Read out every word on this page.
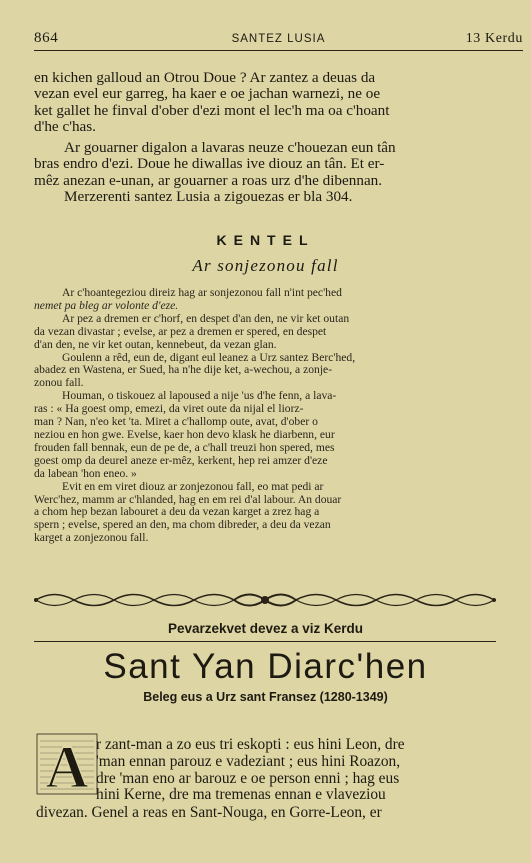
864	SANTEZ LUSIA	13 Kerdu
en kichen galloud an Otrou Doue ? Ar zantez a deuas da
vezan evel eur garreg, ha kaer e oe jachan warnezi, ne oe
ket gallet he finval d'ober d'ezi mont el lec'h ma oa c'hoant
d'he c'has.
Ar gouarner digalon a lavaras neuze c'houezan eun tân
bras endro d'ezi. Doue he diwallas ive diouz an tân. Et er-
mêz anezan e-unan, ar gouarner a roas urz d'he dibennan.
Merzerenti santez Lusia a zigouezas er bla 304.
KENTEL
Ar sonjezonou fall
Ar c'hoantegeziou direiz hag ar sonjezonou fall n'int pec'hed
nemet pa bleg ar volonte d'eze.
Ar pez a dremen er c'horf, en despet d'an den, ne vir ket outan
da vezan divastar ; evelse, ar pez a dremen er spered, en despet
d'an den, ne vir ket outan, kennebeut, da vezan glan.
Goulenn a rêd, eun de, digant eul leanez a Urz santez Berc'hed,
abadez en Wastena, er Sued, ha n'he dije ket, a-wechou, a zonje-
zonou fall.
Houman, o tiskouez al lapoused a nije 'us d'he fenn, a lava-
ras : « Ha goest omp, emezi, da viret oute da nijal el liorz-
man ? Nan, n'eo ket 'ta. Miret a c'hallomp oute, avat, d'ober o
neziou en hon gwe. Evelse, kaer hon devo klask he diarbenn, eur
frouden fall bennak, eun de pe de, a c'hall treuzi hon spered, mes
goest omp da deurel aneze er-mêz, kerkent, hep rei amzer d'eze
da labean 'hon eneo. »
Evit en em viret diouz ar zonjezonou fall, eo mat pedi ar
Werc'hez, mamm ar c'hlanded, hag en em rei d'al labour. An douar
a chom hep bezan labouret a deu da vezan karget a zrez hag a
spern ; evelse, spered an den, ma chom dibreder, a deu da vezan
karget a zonjezonou fall.
Pevarzekvet devez a viz Kerdu
Sant Yan Diarc'hen
Beleg eus a Urz sant Fransez (1280-1349)
A r zant-man a zo eus tri eskopti : eus hini Leon, dre
'man ennan parouz e vadeziant ; eus hini Roazon,
dre 'man eno ar barouz e oe person enni ; hag eus
hini Kerne, dre ma tremenas ennan e vlaveziou
divezan. Genel a reas en Sant-Nouga, en Gorre-Leon, er
